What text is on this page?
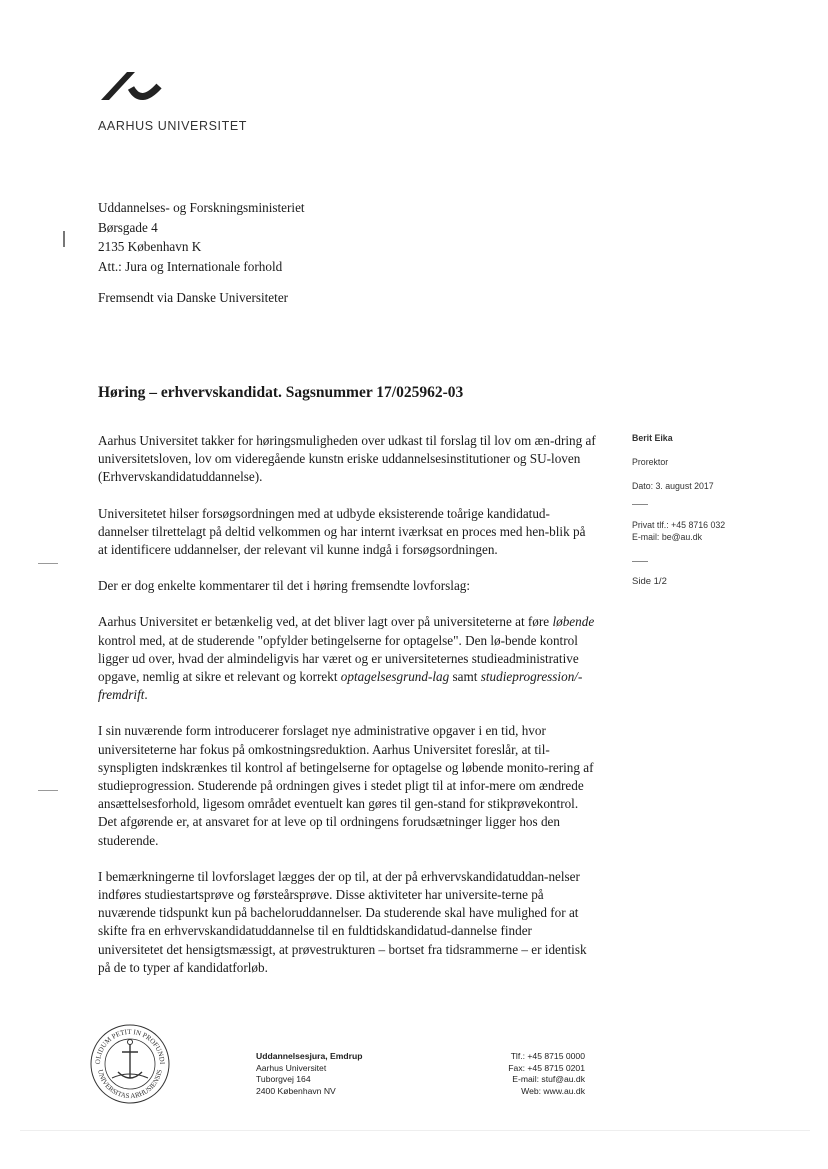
AARHUS UNIVERSITET
Uddannelses- og Forskningsministeriet
Børsgade 4
2135 København K
Att.: Jura og Internationale forhold
Fremsendt via Danske Universiteter
Høring – erhvervskandidat. Sagsnummer 17/025962-03

Aarhus Universitet takker for høringsmuligheden over udkast til forslag til lov om æn-dring af universitetsloven, lov om videregående kunstn eriske uddannelsesinstitutioner og SU-loven (Erhvervskandidatuddannelse).

Universitetet hilser forsøgsordningen med at udbyde eksisterende toårige kandidatud-dannelser tilrettelagt på deltid velkommen og har internt iværksat en proces med hen-blik på at identificere uddannelser, der relevant vil kunne indgå i forsøgsordningen.

Der er dog enkelte kommentarer til det i høring fremsendte lovforslag:

Aarhus Universitet er betænkelig ved, at det bliver lagt over på universiteterne at føre løbende kontrol med, at de studerende "opfylder betingelserne for optagelse". Den lø-bende kontrol ligger ud over, hvad der almindeligvis har været og er universiteternes studieadministrative opgave, nemlig at sikre et relevant og korrekt optagelsesgrund-lag samt studieprogression/-fremdrift.

I sin nuværende form introducerer forslaget nye administrative opgaver i en tid, hvor universiteterne har fokus på omkostningsreduktion. Aarhus Universitet foreslår, at til-synspligten indskrænkes til kontrol af betingelserne for optagelse og løbende monito-rering af studieprogression. Studerende på ordningen gives i stedet pligt til at infor-mere om ændrede ansættelsesforhold, ligesom området eventuelt kan gøres til gen-stand for stikprøvekontrol. Det afgørende er, at ansvaret for at leve op til ordningens forudsætninger ligger hos den studerende.

I bemærkningerne til lovforslaget lægges der op til, at der på erhvervskandidatuddan-nelser indføres studiestartsprøve og førsteårsprøve. Disse aktiviteter har universite-terne på nuværende tidspunkt kun på bacheloruddannelser. Da studerende skal have mulighed for at skifte fra en erhvervskandidatuddannelse til en fuldtidskandidatud-dannelse finder universitetet det hensigtsmæssigt, at prøvestrukturen – bortset fra tidsrammerne – er identisk på de to typer af kandidatforløb.

Berit Eika
Prorektor
Dato: 3. august 2017
Privat tlf.: +45 8716 032
E-mail: be@au.dk
Side 1/2
OLIDUM PETIT IN PROFUNDI
UNIVERSITAS ARHUSIENSIS
Uddannelsesjura, Emdrup
Aarhus Universitet
Tuborgvej 164
2400 København NV
Tlf.: +45 8715 0000
Fax: +45 8715 0201
E-mail: stuf@au.dk
Web: www.au.dk
